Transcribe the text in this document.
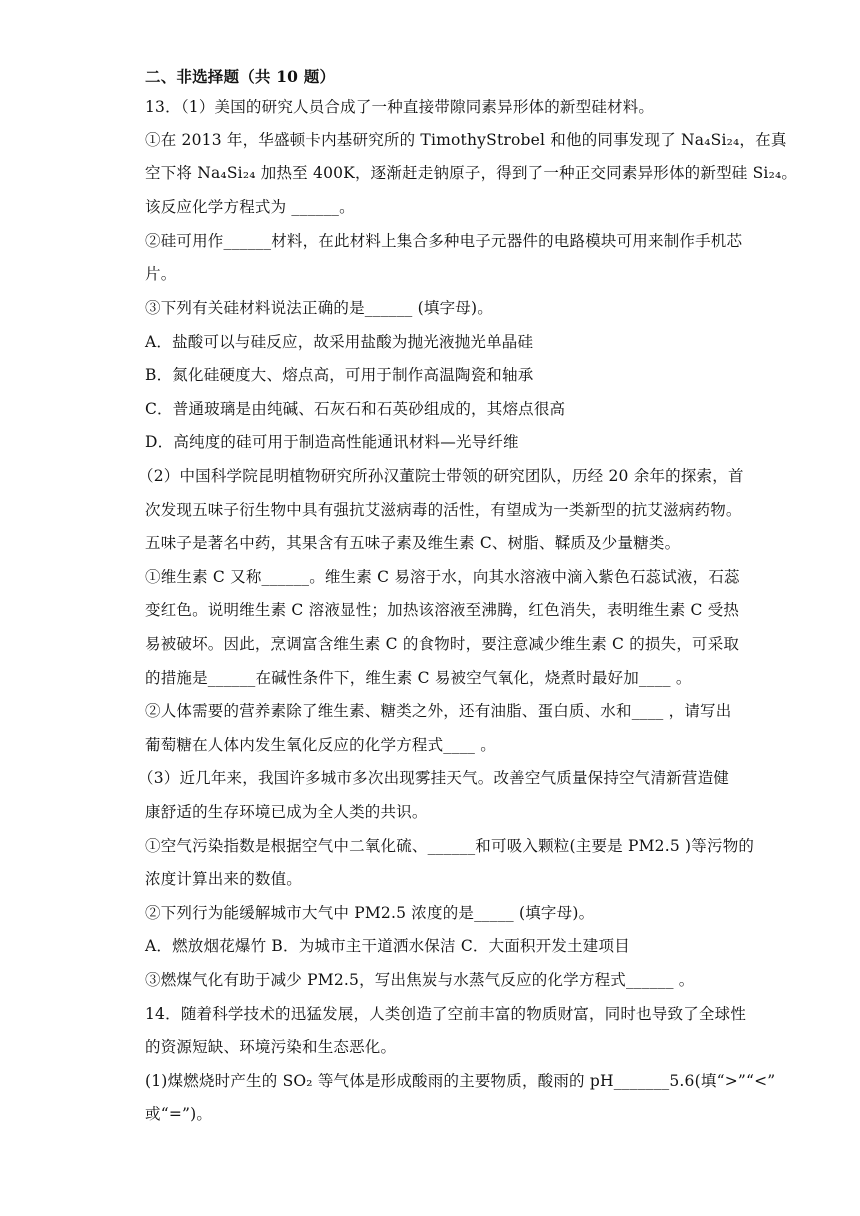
二、非选择题（共 10 题）
13．（1）美国的研究人员合成了一种直接带隙同素异形体的新型硅材料。
①在 2013 年，华盛顿卡内基研究所的 TimothyStrobel 和他的同事发现了 Na₄Si₂₄，在真
空下将 Na₄Si₂₄ 加热至 400K，逐渐赶走钠原子，得到了一种正交同素异形体的新型硅 Si₂₄。
该反应化学方程式为 ______。
②硅可用作______材料，在此材料上集合多种电子元器件的电路模块可用来制作手机芯
片。
③下列有关硅材料说法正确的是______ (填字母)。
A．盐酸可以与硅反应，故采用盐酸为抛光液抛光单晶硅
B．氮化硅硬度大、熔点高，可用于制作高温陶瓷和轴承
C．普通玻璃是由纯碱、石灰石和石英砂组成的，其熔点很高
D．高纯度的硅可用于制造高性能通讯材料—光导纤维
（2）中国科学院昆明植物研究所孙汉董院士带领的研究团队，历经 20 余年的探索，首
次发现五味子衍生物中具有强抗艾滋病毒的活性，有望成为一类新型的抗艾滋病药物。
五味子是著名中药，其果含有五味子素及维生素 C、树脂、鞣质及少量糖类。
①维生素 C 又称______。维生素 C 易溶于水，向其水溶液中滴入紫色石蕊试液，石蕊
变红色。说明维生素 C 溶液显性；加热该溶液至沸腾，红色消失，表明维生素 C 受热
易被破坏。因此，烹调富含维生素 C 的食物时，要注意减少维生素 C 的损失，可采取
的措施是______在碱性条件下，维生素 C 易被空气氧化，烧煮时最好加____ 。
②人体需要的营养素除了维生素、糖类之外，还有油脂、蛋白质、水和____ ，请写出
葡萄糖在人体内发生氧化反应的化学方程式____ 。
（3）近几年来，我国许多城市多次出现雾挂天气。改善空气质量保持空气清新营造健
康舒适的生存环境已成为全人类的共识。
①空气污染指数是根据空气中二氧化硫、______和可吸入颗粒(主要是 PM2.5 )等污物的
浓度计算出来的数值。
②下列行为能缓解城市大气中 PM2.5 浓度的是_____ (填字母)。
A．燃放烟花爆竹 B．为城市主干道洒水保洁 C．大面积开发土建项目
③燃煤气化有助于减少 PM2.5，写出焦炭与水蒸气反应的化学方程式______ 。
14．随着科学技术的迅猛发展，人类创造了空前丰富的物质财富，同时也导致了全球性
的资源短缺、环境污染和生态恶化。
(1)煤燃烧时产生的 SO₂ 等气体是形成酸雨的主要物质，酸雨的 pH_______5.6(填“>”“<”
或“=”)。
